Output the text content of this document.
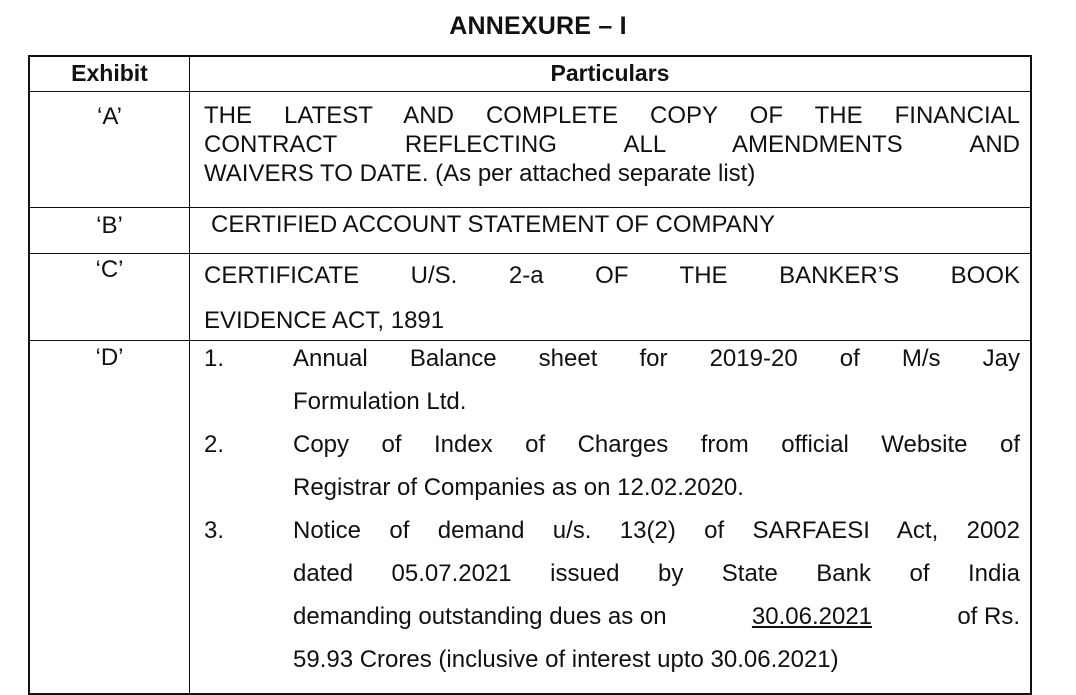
ANNEXURE – I
Exhibit	Particulars
‘A’	THE LATEST AND COMPLETE COPY OF THE FINANCIAL
CONTRACT REFLECTING ALL AMENDMENTS AND
WAIVERS TO DATE. (As per attached separate list)
‘B’	CERTIFIED ACCOUNT STATEMENT OF COMPANY
‘C’	CERTIFICATE U/S. 2-a OF THE BANKER’S BOOK
EVIDENCE ACT, 1891
‘D’	1.	Annual Balance sheet for 2019-20 of M/s Jay
Formulation Ltd.
2.	Copy of Index of Charges from official Website of
Registrar of Companies as on 12.02.2020.
3.	Notice of demand u/s. 13(2) of SARFAESI Act, 2002
dated 05.07.2021 issued by State Bank of India
demanding outstanding dues as on	30.06.2021	of Rs.
59.93 Crores (inclusive of interest upto 30.06.2021)
